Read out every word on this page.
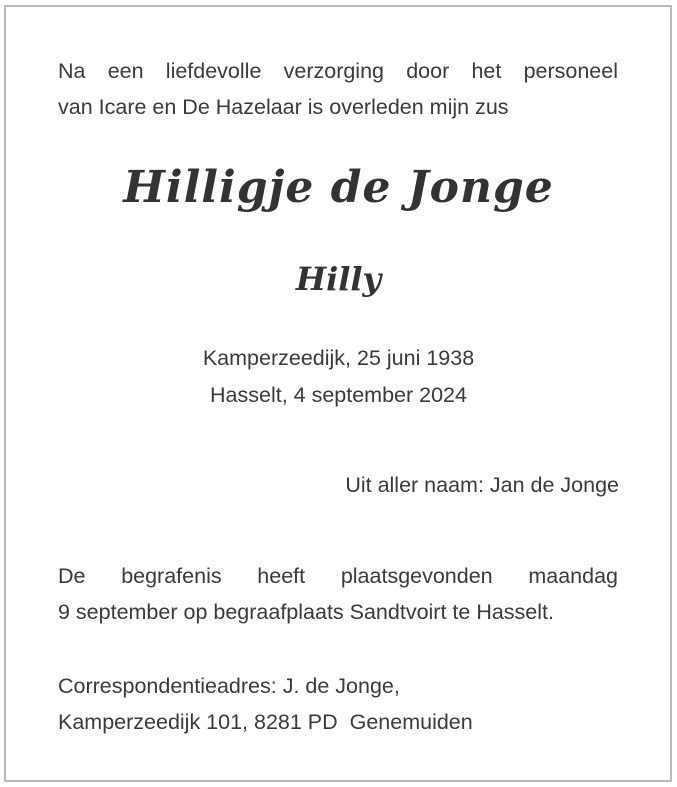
Na een liefdevolle verzorging door het personeel
van Icare en De Hazelaar is overleden mijn zus

Hilligje de Jonge
Hilly
Kamperzeedijk, 25 juni 1938
Hasselt, 4 september 2024
Uit aller naam: Jan de Jonge

De begrafenis heeft plaatsgevonden maandag
9 september op begraafplaats Sandtvoirt te Hasselt.

Correspondentieadres: J. de Jonge,
Kamperzeedijk 101, 8281 PD  Genemuiden
